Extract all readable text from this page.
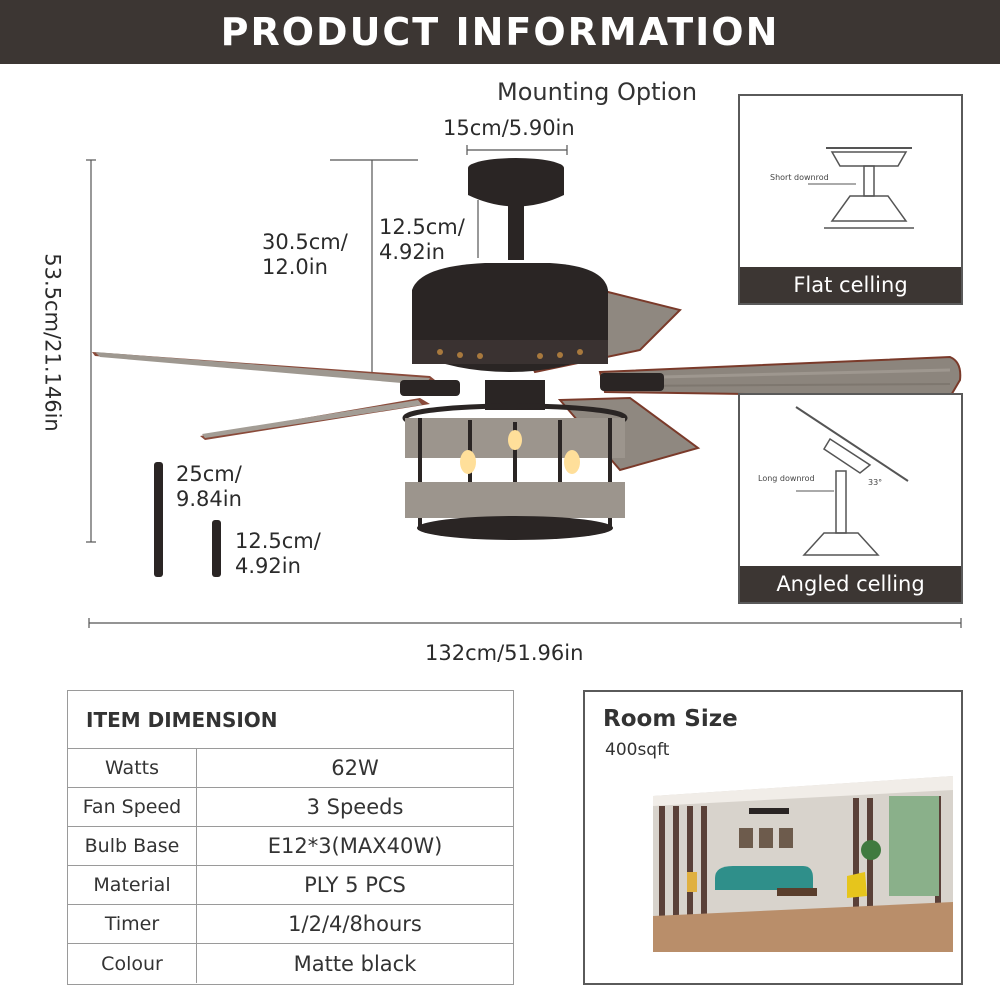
PRODUCT INFORMATION
Mounting Option
15cm/5.90in
30.5cm/
12.0in
12.5cm/
4.92in
53.5cm/21.146in
25cm/
9.84in
12.5cm/
4.92in
132cm/51.96in
Short downrod
Flat celling
Long downrod	33°
Angled celling
ITEM DIMENSION
Watts	62W
Fan Speed	3 Speeds
Bulb Base	E12*3(MAX40W)
Material	PLY 5 PCS
Timer	1/2/4/8hours
Colour	Matte black
Room Size
400sqft
